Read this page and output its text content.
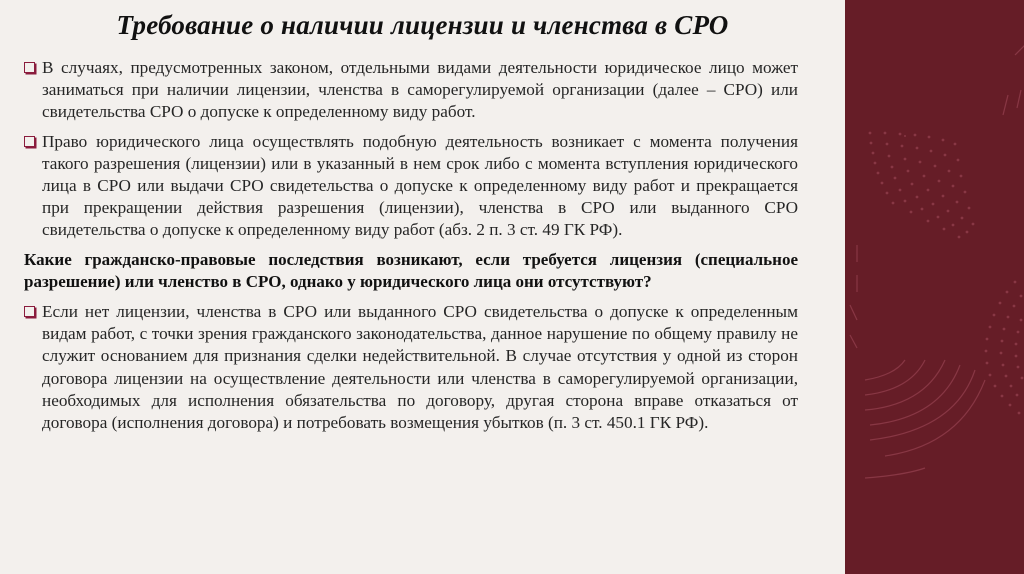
Требование о наличии лицензии и членства в СРО
В случаях, предусмотренных законом, отдельными видами деятельности юридическое лицо может заниматься при наличии лицензии, членства в саморегулируемой организации (далее – СРО) или свидетельства СРО о допуске к определенному виду работ.
Право юридического лица осуществлять подобную деятельность возникает с момента получения такого разрешения (лицензии) или в указанный в нем срок либо с момента вступления юридического лица в СРО или выдачи СРО свидетельства о допуске к определенному виду работ и прекращается при прекращении действия разрешения (лицензии), членства в СРО или выданного СРО свидетельства о допуске к определенному виду работ (абз. 2 п. 3 ст. 49 ГК РФ).
Какие гражданско-правовые последствия возникают, если требуется лицензия (специальное разрешение) или членство в СРО, однако у юридического лица они отсутствуют?
Если нет лицензии, членства в СРО или выданного СРО свидетельства о допуске к определенным видам работ, с точки зрения гражданского законодательства, данное нарушение по общему правилу не служит основанием для признания сделки недействительной. В случае отсутствия у одной из сторон договора лицензии на осуществление деятельности или членства в саморегулируемой организации, необходимых для исполнения обязательства по договору, другая сторона вправе отказаться от договора (исполнения договора) и потребовать возмещения убытков (п. 3 ст. 450.1 ГК РФ).
